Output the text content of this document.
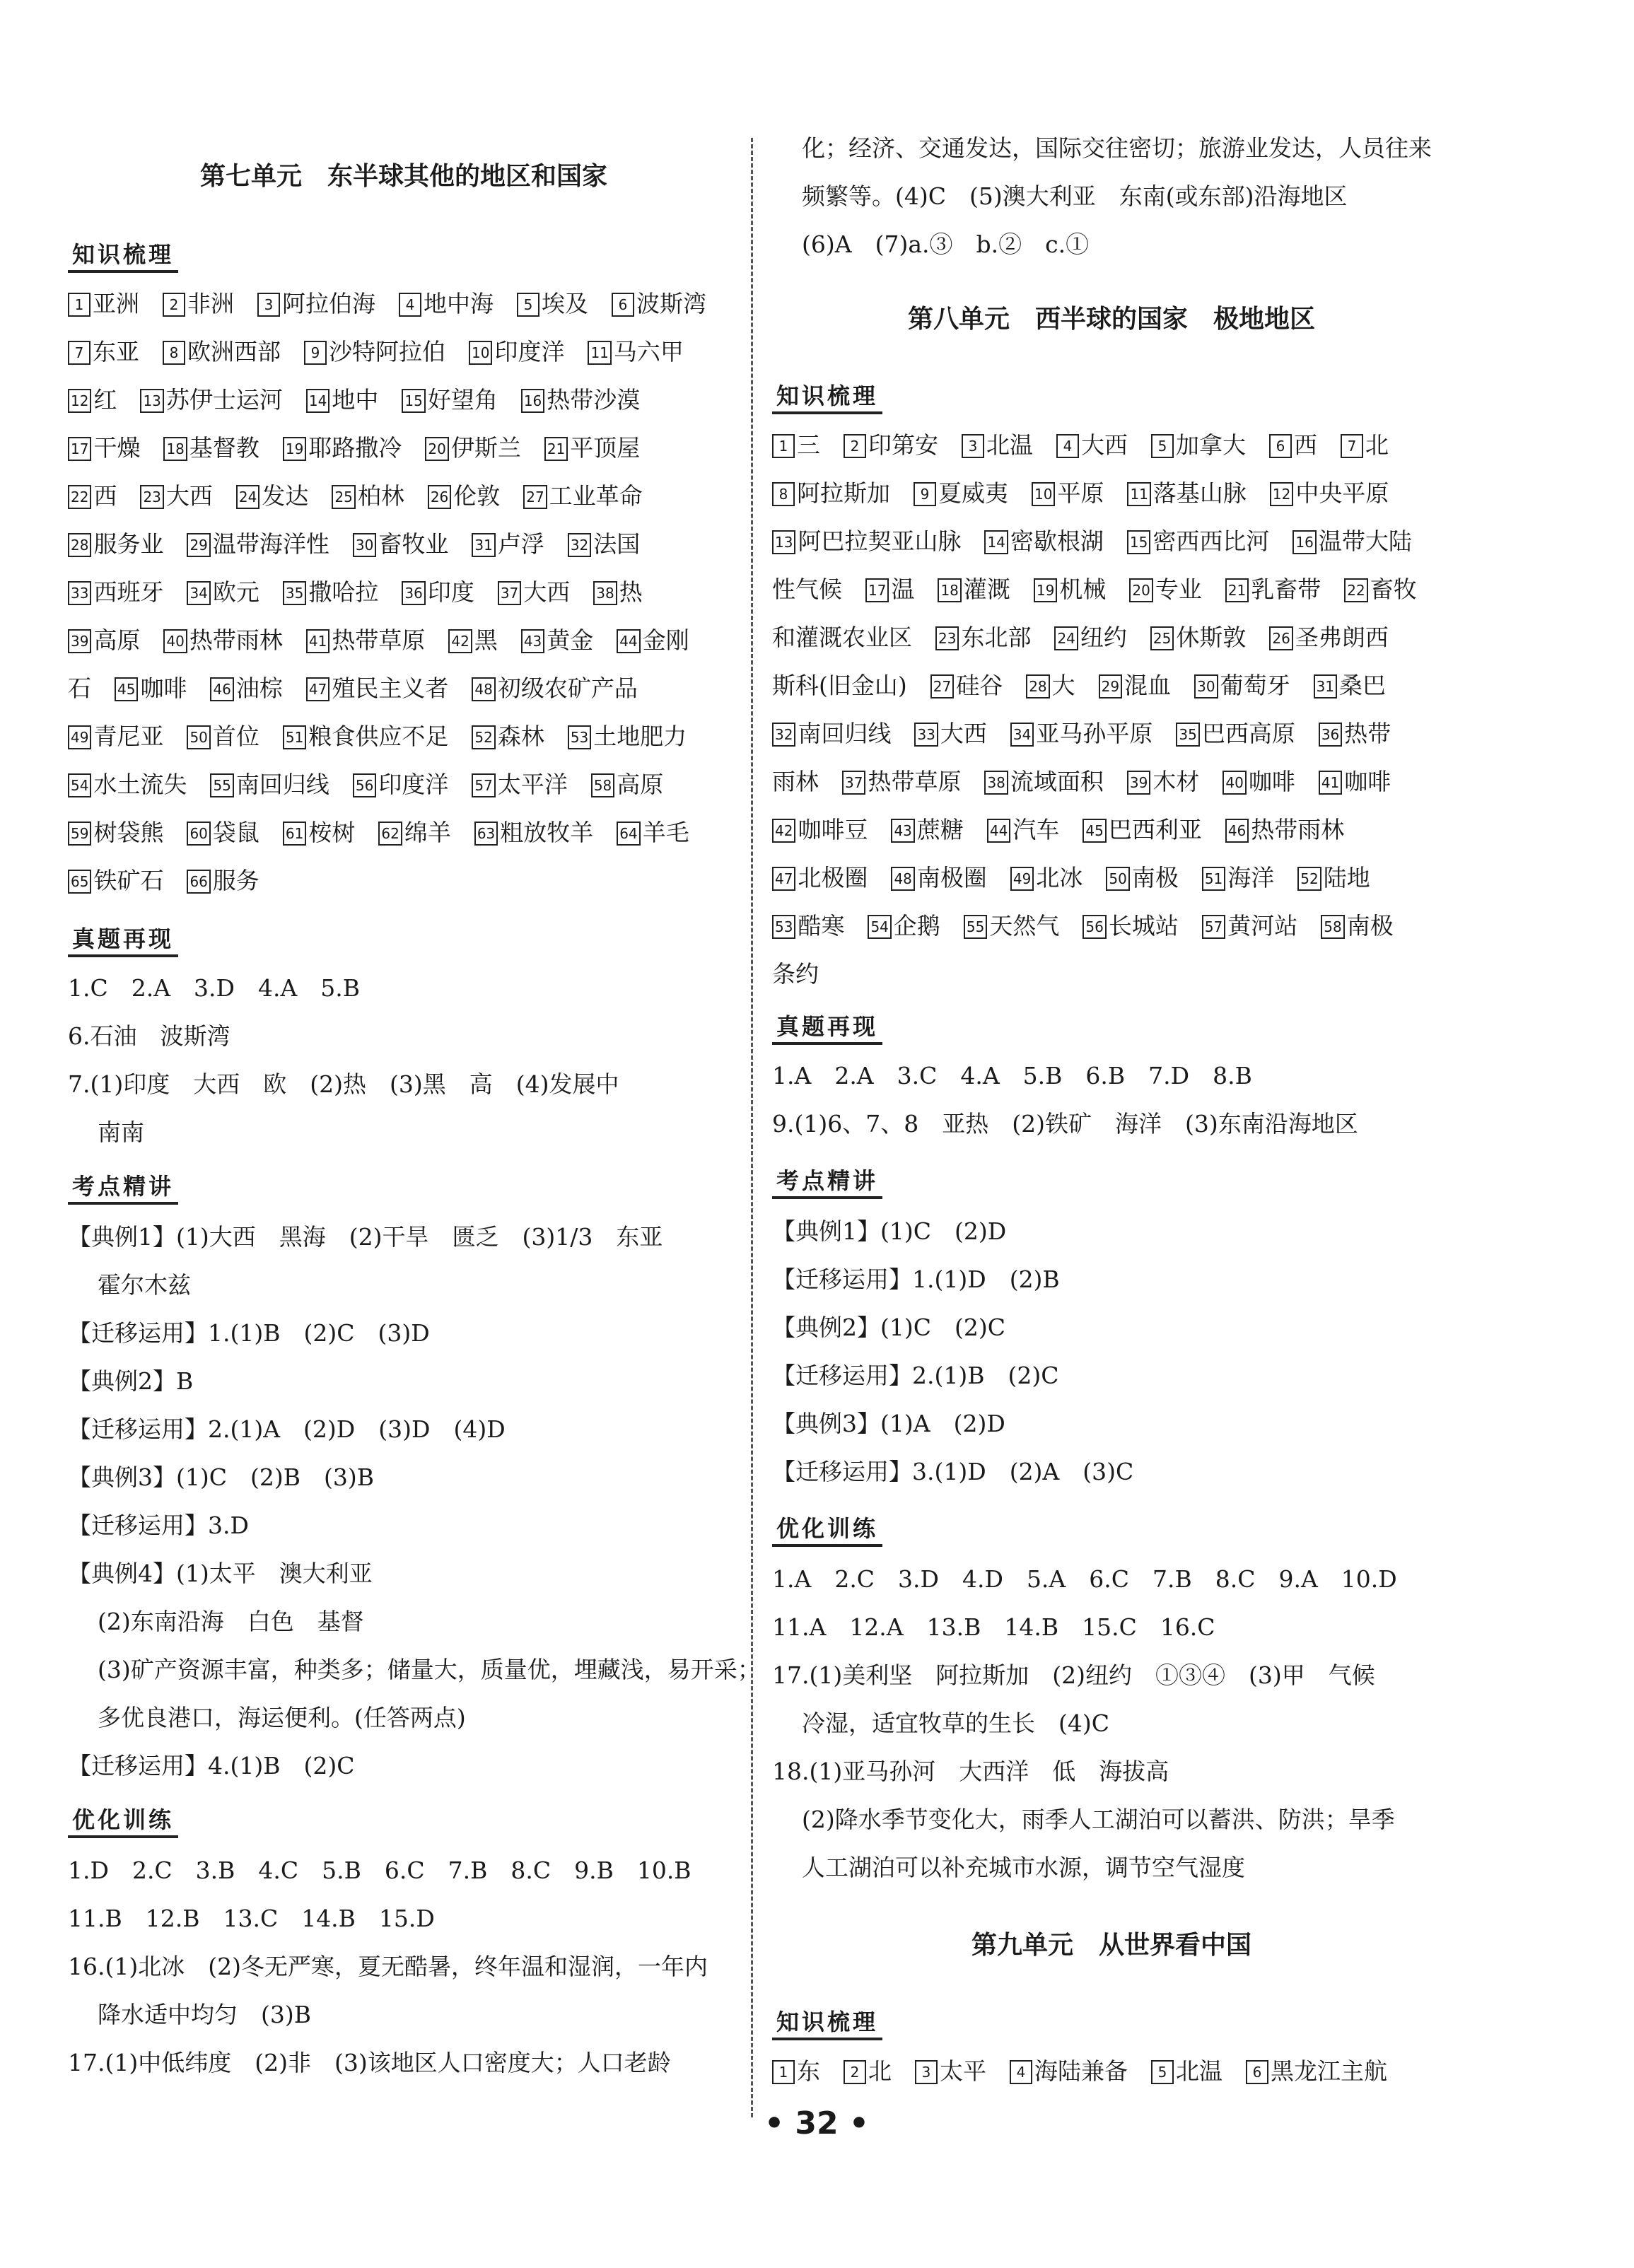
第七单元　东半球其他的地区和国家
知识梳理
1 亚洲　2 非洲　3 阿拉伯海　4 地中海　5 埃及　6 波斯湾
7 东亚　8 欧洲西部　9 沙特阿拉伯　10 印度洋　11 马六甲
12 红　13 苏伊士运河　14 地中　15 好望角　16 热带沙漠
17 干燥　18 基督教　19 耶路撒冷　20 伊斯兰　21 平顶屋
22 西　23 大西　24 发达　25 柏林　26 伦敦　27 工业革命
28 服务业　29 温带海洋性　30 畜牧业　31 卢浮　32 法国
33 西班牙　34 欧元　35 撒哈拉　36 印度　37 大西　38 热
39 高原　40 热带雨林　41 热带草原　42 黑　43 黄金　44 金刚
石　45 咖啡　46 油棕　47 殖民主义者　48 初级农矿产品
49 青尼亚　50 首位　51 粮食供应不足　52 森林　53 土地肥力
54 水土流失　55 南回归线　56 印度洋　57 太平洋　58 高原
59 树袋熊　60 袋鼠　61 桉树　62 绵羊　63 粗放牧羊　64 羊毛
65 铁矿石　66 服务
真题再现
1.C　2.A　3.D　4.A　5.B
6.石油　波斯湾
7.(1)印度　大西　欧　(2)热　(3)黑　高　(4)发展中
南南
考点精讲
【典例1】(1)大西　黑海　(2)干旱　匮乏　(3)1/3　东亚
霍尔木兹
【迁移运用】1.(1)B　(2)C　(3)D
【典例2】B
【迁移运用】2.(1)A　(2)D　(3)D　(4)D
【典例3】(1)C　(2)B　(3)B
【迁移运用】3.D
【典例4】(1)太平　澳大利亚
(2)东南沿海　白色　基督
(3)矿产资源丰富，种类多；储量大，质量优，埋藏浅，易开采；
多优良港口，海运便利。(任答两点)
【迁移运用】4.(1)B　(2)C
优化训练
1.D　2.C　3.B　4.C　5.B　6.C　7.B　8.C　9.B　10.B
11.B　12.B　13.C　14.B　15.D
16.(1)北冰　(2)冬无严寒，夏无酷暑，终年温和湿润，一年内
降水适中均匀　(3)B
17.(1)中低纬度　(2)非　(3)该地区人口密度大；人口老龄
化；经济、交通发达，国际交往密切；旅游业发达，人员往来
频繁等。(4)C　(5)澳大利亚　东南(或东部)沿海地区
(6)A　(7)a.③　b.②　c.①
第八单元　西半球的国家　极地地区
知识梳理
1 三　2 印第安　3 北温　4 大西　5 加拿大　6 西　7 北
8 阿拉斯加　9 夏威夷　10 平原　11 落基山脉　12 中央平原
13 阿巴拉契亚山脉　14 密歇根湖　15 密西西比河　16 温带大陆
性气候　17 温　18 灌溉　19 机械　20 专业　21 乳畜带　22 畜牧
和灌溉农业区　23 东北部　24 纽约　25 休斯敦　26 圣弗朗西
斯科(旧金山)　27 硅谷　28 大　29 混血　30 葡萄牙　31 桑巴
32 南回归线　33 大西　34 亚马孙平原　35 巴西高原　36 热带
雨林　37 热带草原　38 流域面积　39 木材　40 咖啡　41 咖啡
42 咖啡豆　43 蔗糖　44 汽车　45 巴西利亚　46 热带雨林
47 北极圈　48 南极圈　49 北冰　50 南极　51 海洋　52 陆地
53 酷寒　54 企鹅　55 天然气　56 长城站　57 黄河站　58 南极
条约
真题再现
1.A　2.A　3.C　4.A　5.B　6.B　7.D　8.B
9.(1)6、7、8　亚热　(2)铁矿　海洋　(3)东南沿海地区
考点精讲
【典例1】(1)C　(2)D
【迁移运用】1.(1)D　(2)B
【典例2】(1)C　(2)C
【迁移运用】2.(1)B　(2)C
【典例3】(1)A　(2)D
【迁移运用】3.(1)D　(2)A　(3)C
优化训练
1.A　2.C　3.D　4.D　5.A　6.C　7.B　8.C　9.A　10.D
11.A　12.A　13.B　14.B　15.C　16.C
17.(1)美利坚　阿拉斯加　(2)纽约　①③④　(3)甲　气候
冷湿，适宜牧草的生长　(4)C
18.(1)亚马孙河　大西洋　低　海拔高
(2)降水季节变化大，雨季人工湖泊可以蓄洪、防洪；旱季
人工湖泊可以补充城市水源，调节空气湿度
第九单元　从世界看中国
知识梳理
1 东　2 北　3 太平　4 海陆兼备　5 北温　6 黑龙江主航
• 32 •
